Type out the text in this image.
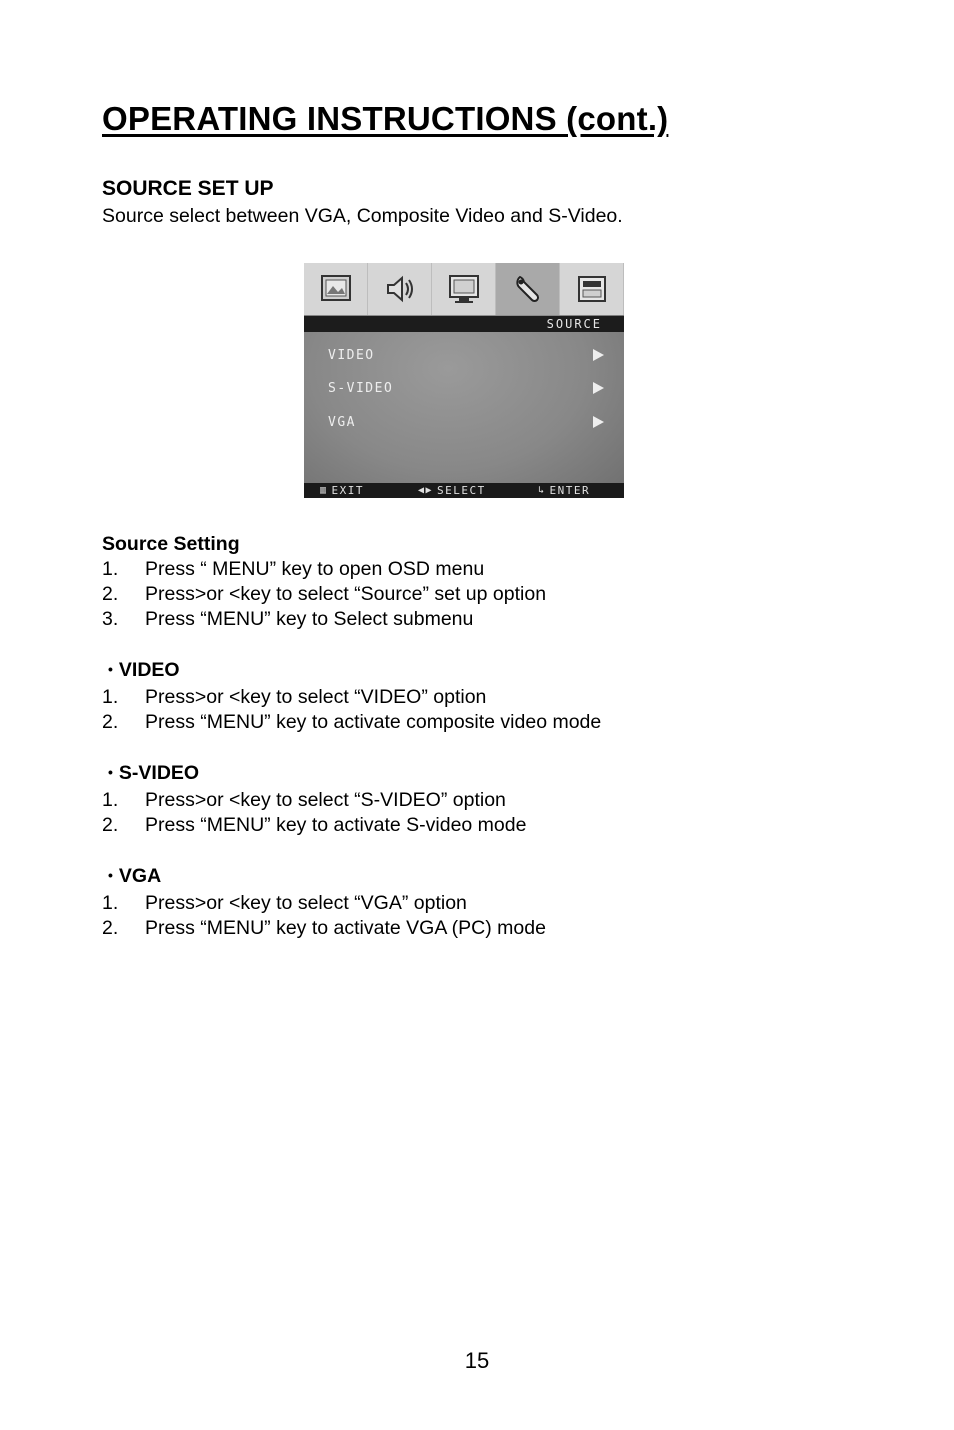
OPERATING INSTRUCTIONS (cont.)
SOURCE SET UP
Source select between VGA, Composite Video and S-Video.
SOURCE
VIDEO
S-VIDEO
VGA
▥ EXIT	◀▶ SELECT	↳ ENTER
Source Setting
1. Press “ MENU” key to open OSD menu
2. Press>or <key to select “Source” set up option
3. Press “MENU” key to Select submenu
• VIDEO
1. Press>or <key to select “VIDEO” option
2. Press “MENU” key to activate composite video mode
• S-VIDEO
1. Press>or <key to select “S-VIDEO” option
2. Press “MENU” key to activate S-video mode
• VGA
1. Press>or <key to select “VGA” option
2. Press “MENU” key to activate VGA (PC) mode
15
